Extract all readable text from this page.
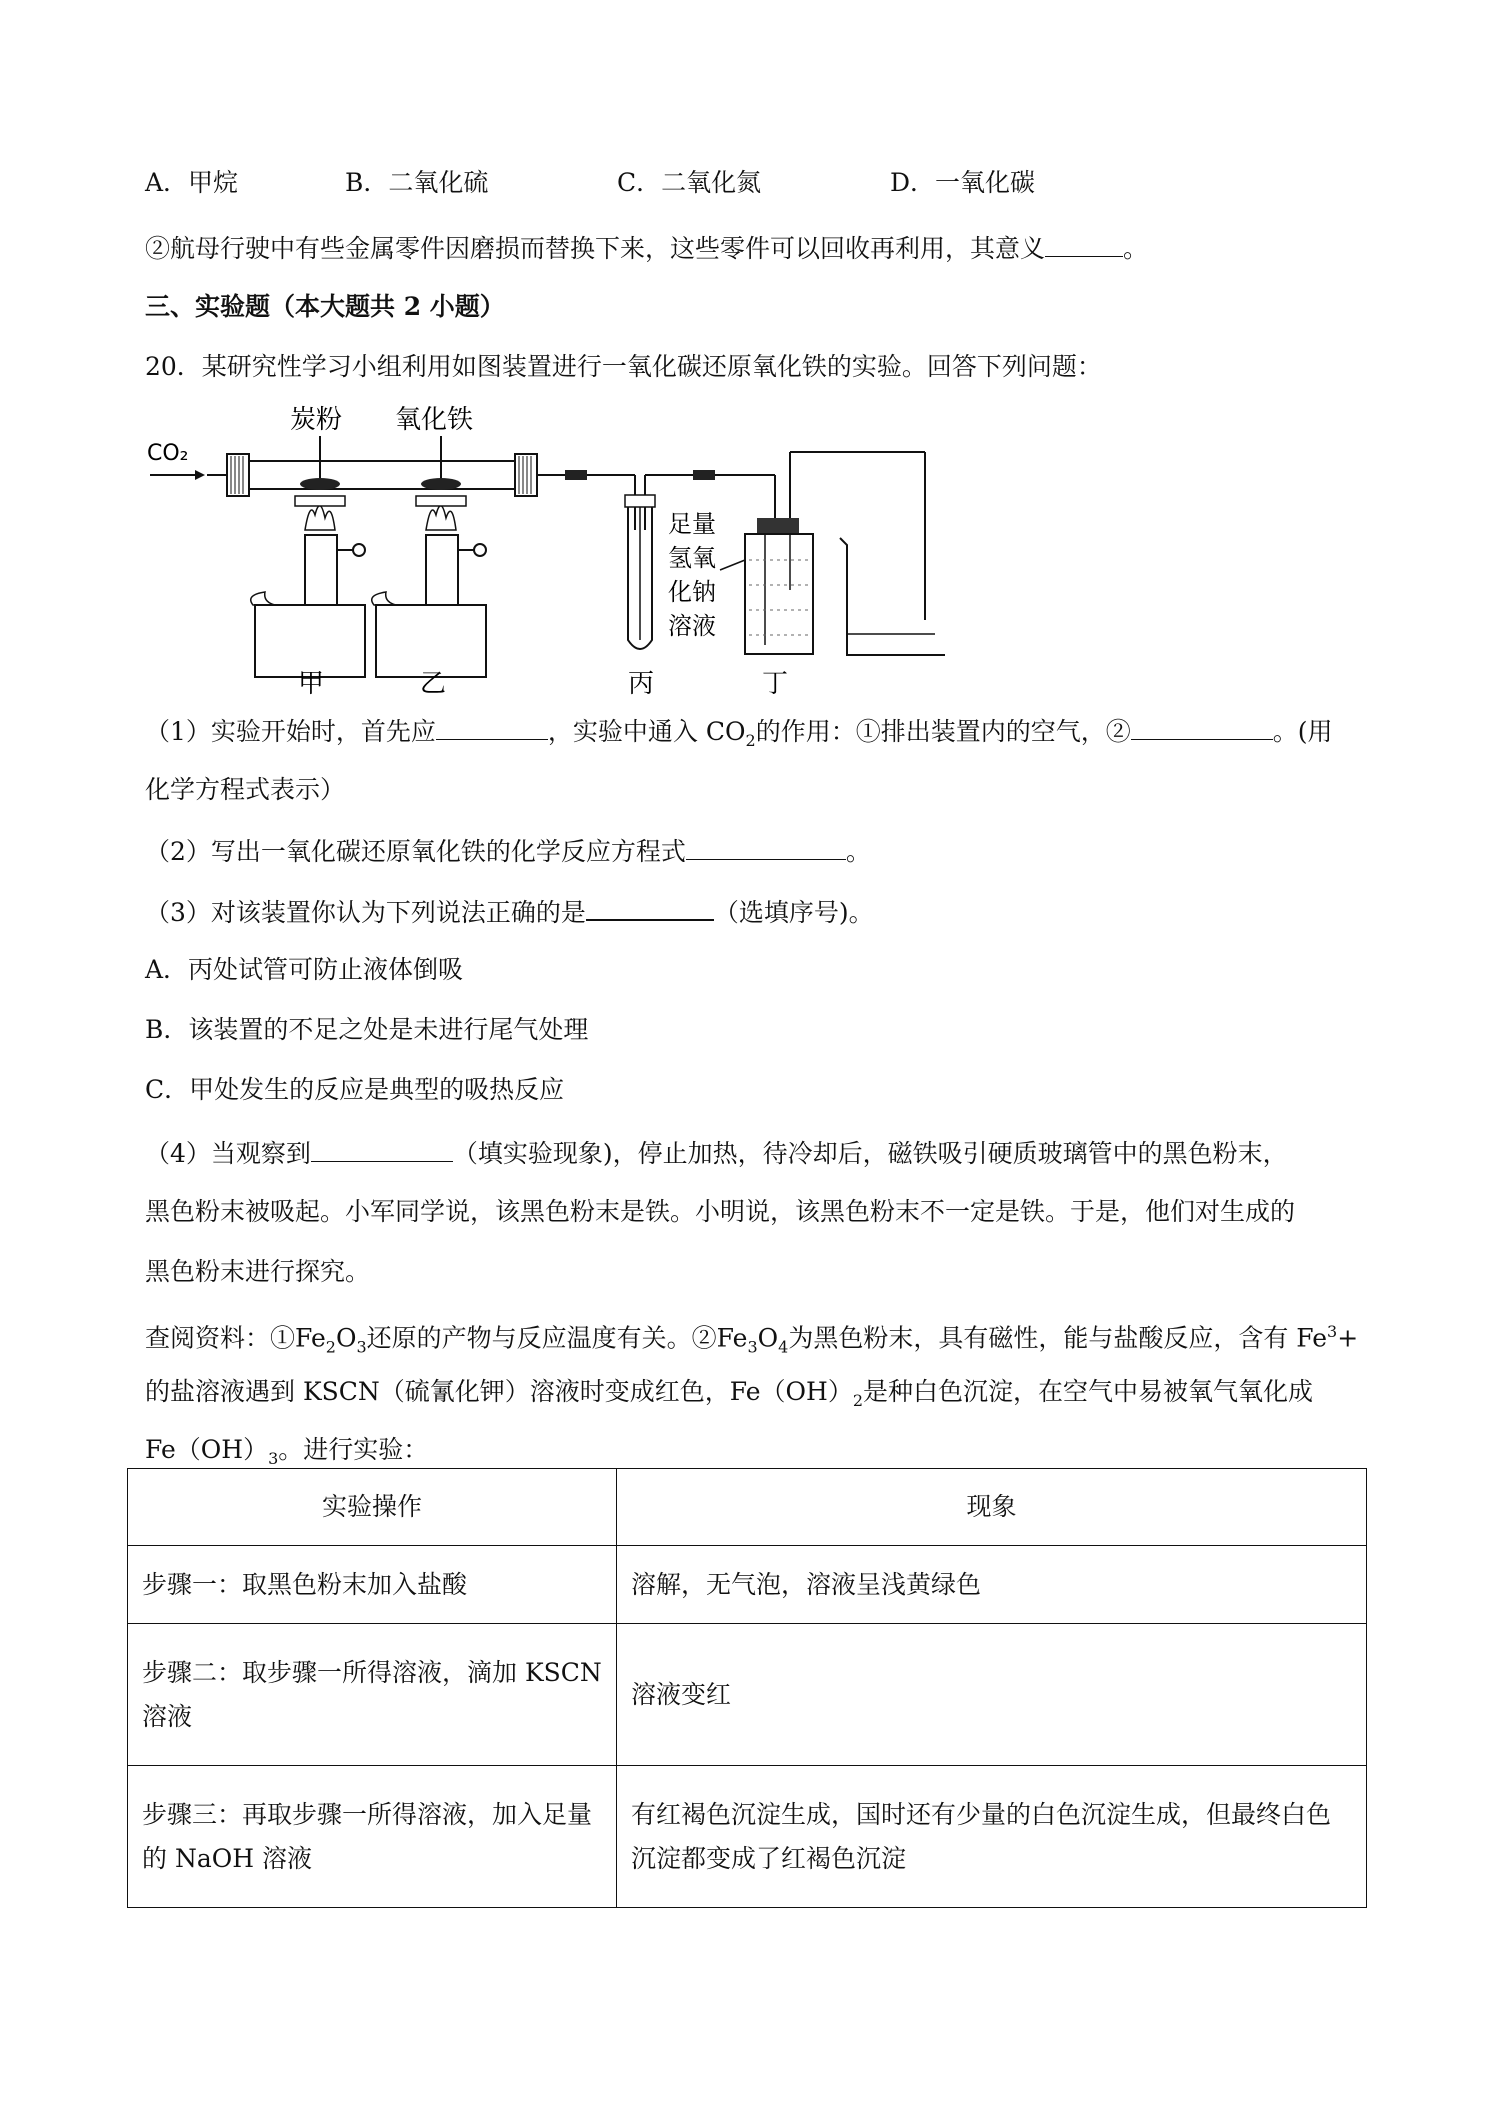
A．甲烷	B．二氧化硫	C．二氧化氮	D．一氧化碳
②航母行驶中有些金属零件因磨损而替换下来，这些零件可以回收再利用，其意义	。
三、实验题（本大题共 2 小题）
20．某研究性学习小组利用如图装置进行一氧化碳还原氧化铁的实验。回答下列问题：
CO₂
炭粉 氧化铁
甲	乙	丙
足量 氢氧 化钠 溶液
丁
（1）实验开始时，首先应	，实验中通入 $CO_2$的作用：①排出装置内的空气，②	。(用
化学方程式表示）
（2）写出一氧化碳还原氧化铁的化学反应方程式	。
（3）对该装置你认为下列说法正确的是	（选填序号)。
A．丙处试管可防止液体倒吸
B．该装置的不足之处是未进行尾气处理
C．甲处发生的反应是典型的吸热反应
（4）当观察到	（填实验现象)，停止加热，待冷却后，磁铁吸引硬质玻璃管中的黑色粉末，
黑色粉末被吸起。小军同学说，该黑色粉末是铁。小明说，该黑色粉末不一定是铁。于是，他们对生成的
黑色粉末进行探究。
查阅资料：$①Fe_2O_3$还原的产物与反应温度有关。$②Fe_3O_4$为黑色粉末，具有磁性，能与盐酸反应，含有 $Fe^3+$
的盐溶液遇到 KSCN（硫氰化钾）溶液时变成红色，$Fe(OH)_2$是种白色沉淀，在空气中易被氧气氧化成
$Fe(OH)_3$。进行实验：
实验操作	现象
步骤一：取黑色粉末加入盐酸	溶解，无气泡，溶液呈浅黄绿色
步骤二：取步骤一所得溶液，滴加 KSCN 溶液	溶液变红
步骤三：再取步骤一所得溶液，加入足量的 NaOH 溶液	有红褐色沉淀生成，国时还有少量的白色沉淀生成，但最终白色沉淀都变成了红褐色沉淀
